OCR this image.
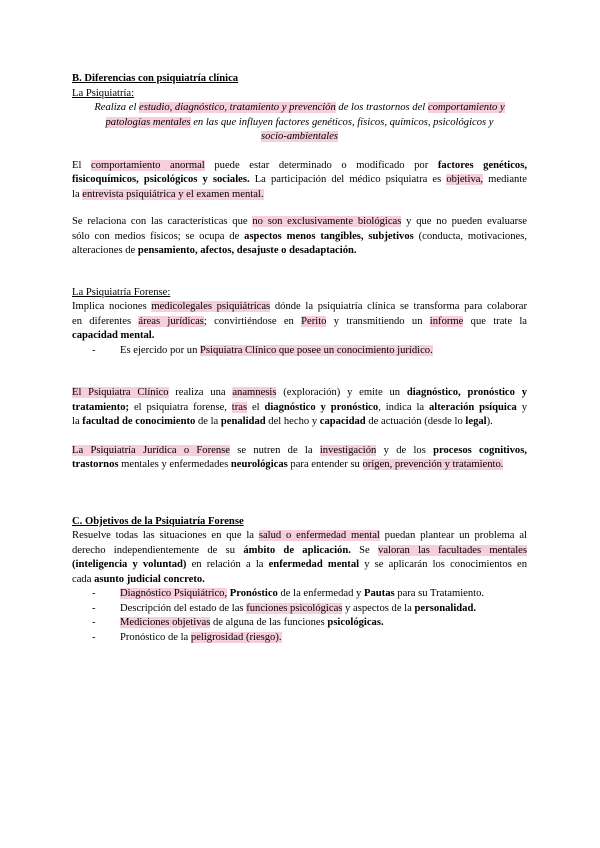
B. Diferencias con psiquiatría clínica
La Psiquiatría:
Realiza el estudio, diagnóstico, tratamiento y prevención de los trastornos del comportamiento y
patologías mentales en las que influyen factores genéticos, físicos, químicos, psicológicos y
socio-ambientales
El comportamiento anormal puede estar determinado o modificado por factores genéticos,
fisicoquímicos, psicológicos y sociales. La participación del médico psiquiatra es objetiva, mediante
la entrevista psiquiátrica y el examen mental.
Se relaciona con las características que no son exclusivamente biológicas y que no pueden evaluarse
sólo con medios físicos; se ocupa de aspectos menos tangibles, subjetivos (conducta, motivaciones,
alteraciones de pensamiento, afectos, desajuste o desadaptación.
La Psiquiatría Forense:
Implica nociones medicolegales psiquiátricas dónde la psiquiatría clínica se transforma para colaborar
en diferentes áreas jurídicas; convirtiéndose en Perito y transmitiendo un informe que trate la
capacidad mental.
- Es ejercido por un Psiquiatra Clínico que posee un conocimiento jurídico.
El Psiquiatra Clínico realiza una anamnesis (exploración) y emite un diagnóstico, pronóstico y
tratamiento; el psiquiatra forense, tras el diagnóstico y pronóstico, indica la alteración psíquica y
la facultad de conocimiento de la penalidad del hecho y capacidad de actuación (desde lo legal).
La Psiquiatría Jurídica o Forense se nutren de la investigación y de los procesos cognitivos,
trastornos mentales y enfermedades neurológicas para entender su origen, prevención y tratamiento.
C. Objetivos de la Psiquiatría Forense
Resuelve todas las situaciones en que la salud o enfermedad mental puedan plantear un problema al
derecho independientemente de su ámbito de aplicación. Se valoran las facultades mentales
(inteligencia y voluntad) en relación a la enfermedad mental y se aplicarán los conocimientos en
cada asunto judicial concreto.
- Diagnóstico Psiquiátrico, Pronóstico de la enfermedad y Pautas para su Tratamiento.
- Descripción del estado de las funciones psicológicas y aspectos de la personalidad.
- Mediciones objetivas de alguna de las funciones psicológicas.
- Pronóstico de la peligrosidad (riesgo).
